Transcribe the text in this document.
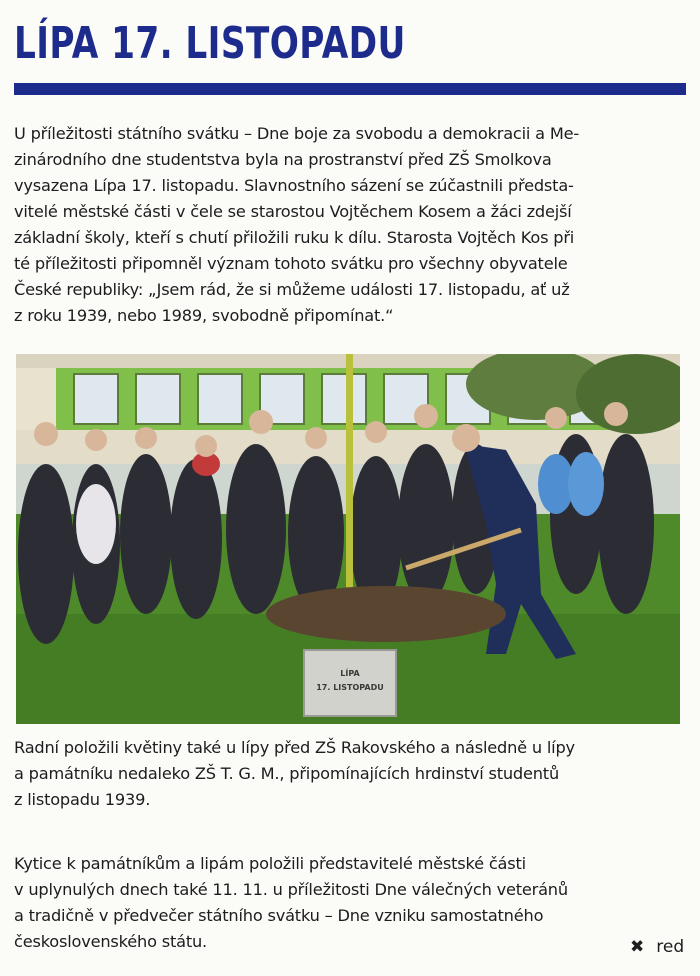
LÍPA 17. LISTOPADU

U příležitosti státního svátku – Dne boje za svobodu a demokracii a Me-
zinárodního dne studentstva byla na prostranství před ZŠ Smolkova
vysazena Lípa 17. listopadu. Slavnostního sázení se zúčastnili předsta-
vitelé městské části v čele se starostou Vojtěchem Kosem a žáci zdejší
základní školy, kteří s chutí přiložili ruku k dílu. Starosta Vojtěch Kos při
té příležitosti připomněl význam tohoto svátku pro všechny obyvatele
České republiky: „Jsem rád, že si můžeme události 17. listopadu, ať už
z roku 1939, nebo 1989, svobodně připomínat.“

LÍPA
17. LISTOPADU

Radní položili květiny také u lípy před ZŠ Rakovského a následně u lípy
a památníku nedaleko ZŠ T. G. M., připomínajících hrdinství studentů
z listopadu 1939.

Kytice k památníkům a lipám položili představitelé městské části
v uplynulých dnech také 11. 11. u příležitosti Dne válečných veteránů
a tradičně v předvečer státního svátku – Dne vzniku samostatného
československého státu.	✖ red
